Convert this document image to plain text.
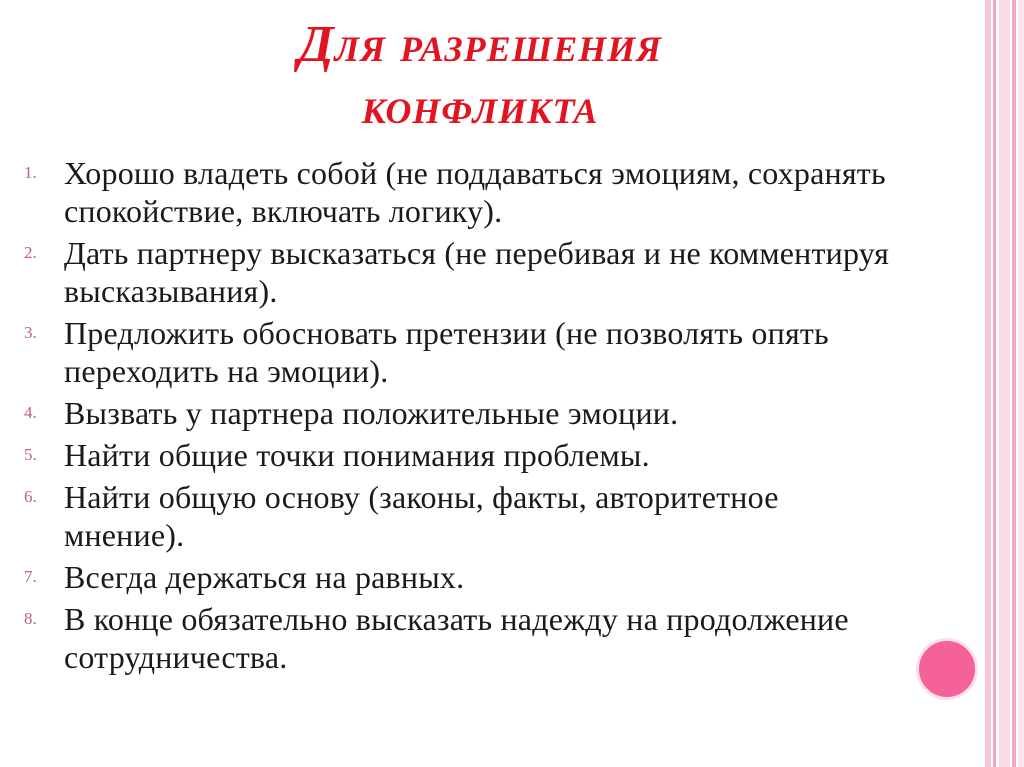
Для разрешения
конфликта
1. Хорошо владеть собой (не поддаваться эмоциям, сохранять спокойствие, включать логику).
2. Дать партнеру высказаться (не перебивая и не комментируя высказывания).
3. Предложить обосновать претензии (не позволять опять переходить на эмоции).
4. Вызвать у партнера положительные эмоции.
5. Найти общие точки понимания проблемы.
6. Найти общую основу (законы, факты, авторитетное мнение).
7. Всегда держаться на равных.
8. В конце обязательно высказать надежду на продолжение сотрудничества.
